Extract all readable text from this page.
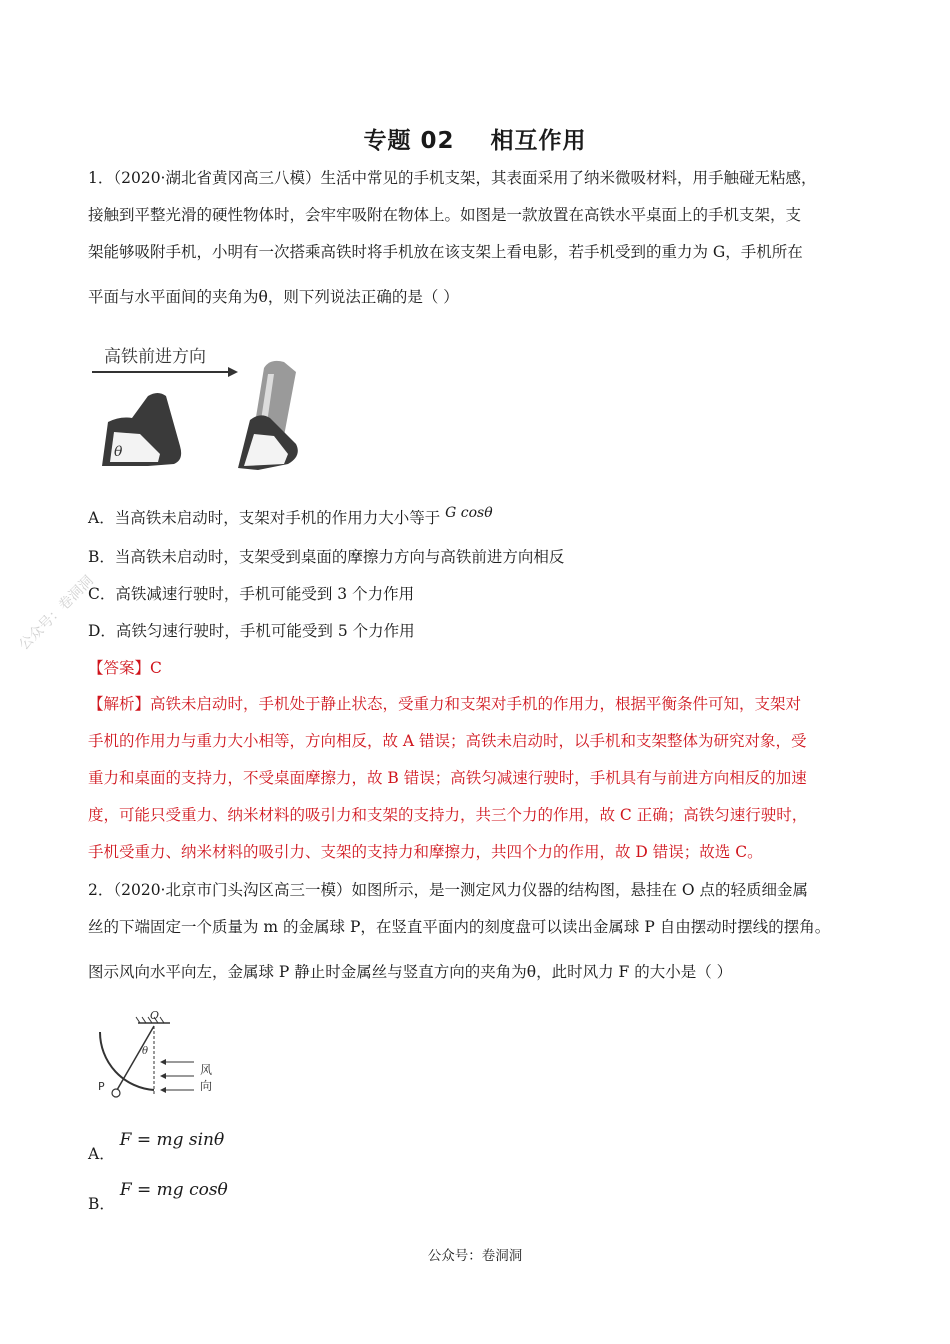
专题 02 相互作用
1．（2020·湖北省黄冈高三八模）生活中常见的手机支架，其表面采用了纳米微吸材料，用手触碰无粘感，
接触到平整光滑的硬性物体时，会牢牢吸附在物体上。如图是一款放置在高铁水平桌面上的手机支架，支
架能够吸附手机，小明有一次搭乘高铁时将手机放在该支架上看电影，若手机受到的重力为 G，手机所在
平面与水平面间的夹角为θ，则下列说法正确的是（ ）
高铁前进方向
θ
A．当高铁未启动时，支架对手机的作用力大小等于 G cosθ
B．当高铁未启动时，支架受到桌面的摩擦力方向与高铁前进方向相反
C．高铁减速行驶时，手机可能受到 3 个力作用
D．高铁匀速行驶时，手机可能受到 5 个力作用
【答案】C
【解析】高铁未启动时，手机处于静止状态，受重力和支架对手机的作用力，根据平衡条件可知，支架对
手机的作用力与重力大小相等，方向相反，故 A 错误；高铁未启动时，以手机和支架整体为研究对象，受
重力和桌面的支持力，不受桌面摩擦力，故 B 错误；高铁匀减速行驶时，手机具有与前进方向相反的加速
度，可能只受重力、纳米材料的吸引力和支架的支持力，共三个力的作用，故 C 正确；高铁匀速行驶时，
手机受重力、纳米材料的吸引力、支架的支持力和摩擦力，共四个力的作用，故 D 错误；故选 C。
2．（2020·北京市门头沟区高三一模）如图所示，是一测定风力仪器的结构图，悬挂在 O 点的轻质细金属
丝的下端固定一个质量为 m 的金属球 P，在竖直平面内的刻度盘可以读出金属球 P 自由摆动时摆线的摆角。
图示风向水平向左，金属球 P 静止时金属丝与竖直方向的夹角为θ，此时风力 F 的大小是（ ）
O
θ
P
风
向
A． F = mg sinθ
B． F = mg cosθ
公众号：卷洞洞
公众号：卷洞洞
